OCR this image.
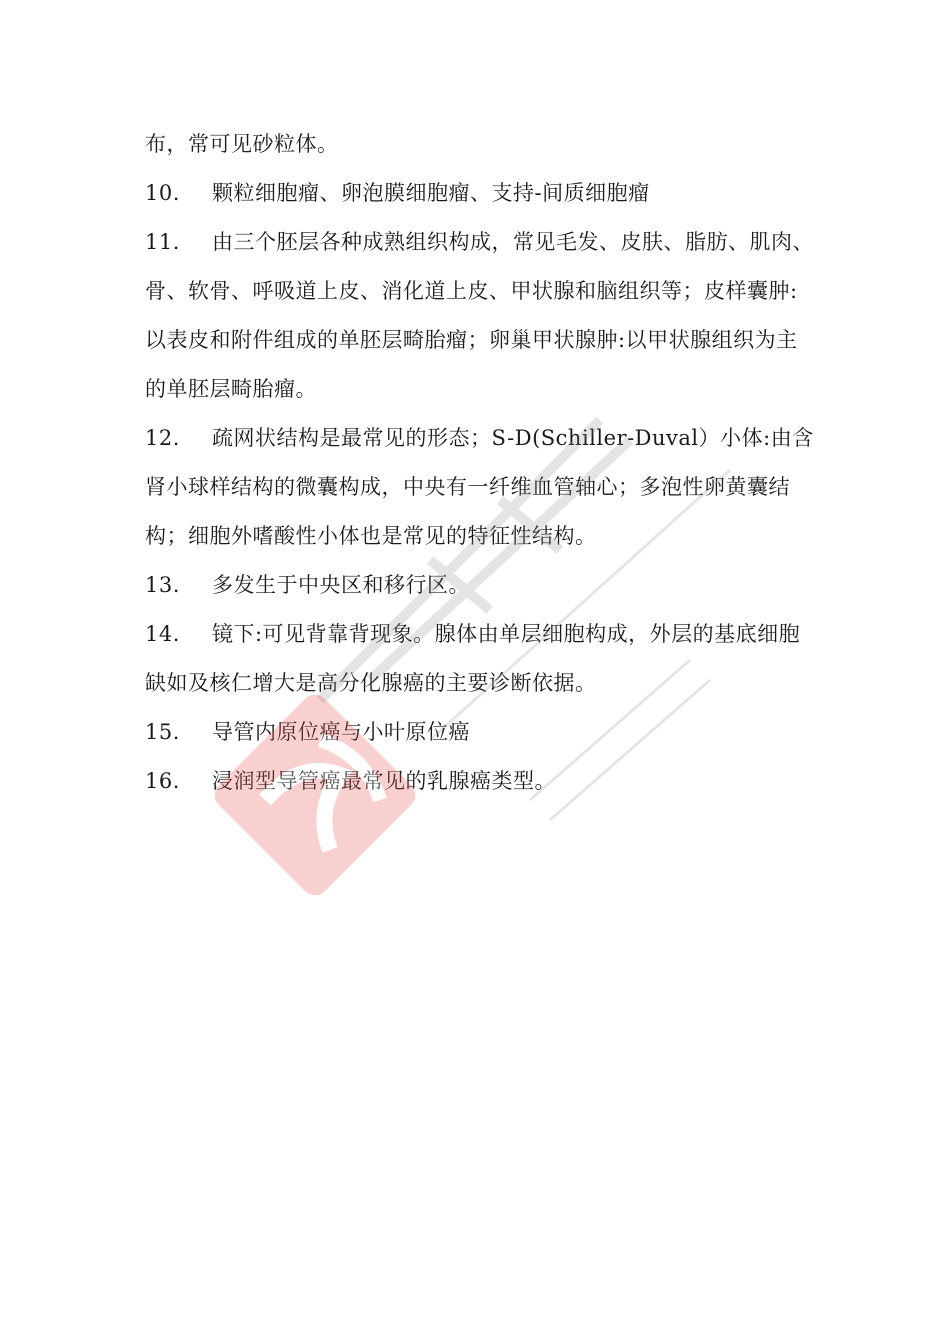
布，常可见砂粒体。

10. 颗粒细胞瘤、卵泡膜细胞瘤、支持-间质细胞瘤

11. 由三个胚层各种成熟组织构成，常见毛发、皮肤、脂肪、肌肉、骨、软骨、呼吸道上皮、消化道上皮、甲状腺和脑组织等；皮样囊肿:以表皮和附件组成的单胚层畸胎瘤；卵巢甲状腺肿:以甲状腺组织为主的单胚层畸胎瘤。

12. 疏网状结构是最常见的形态；S-D(Schiller-Duval）小体:由含肾小球样结构的微囊构成，中央有一纤维血管轴心；多泡性卵黄囊结构；细胞外嗜酸性小体也是常见的特征性结构。

13. 多发生于中央区和移行区。

14. 镜下:可见背靠背现象。腺体由单层细胞构成，外层的基底细胞缺如及核仁增大是高分化腺癌的主要诊断依据。

15. 导管内原位癌与小叶原位癌

16. 浸润型导管癌最常见的乳腺癌类型。
